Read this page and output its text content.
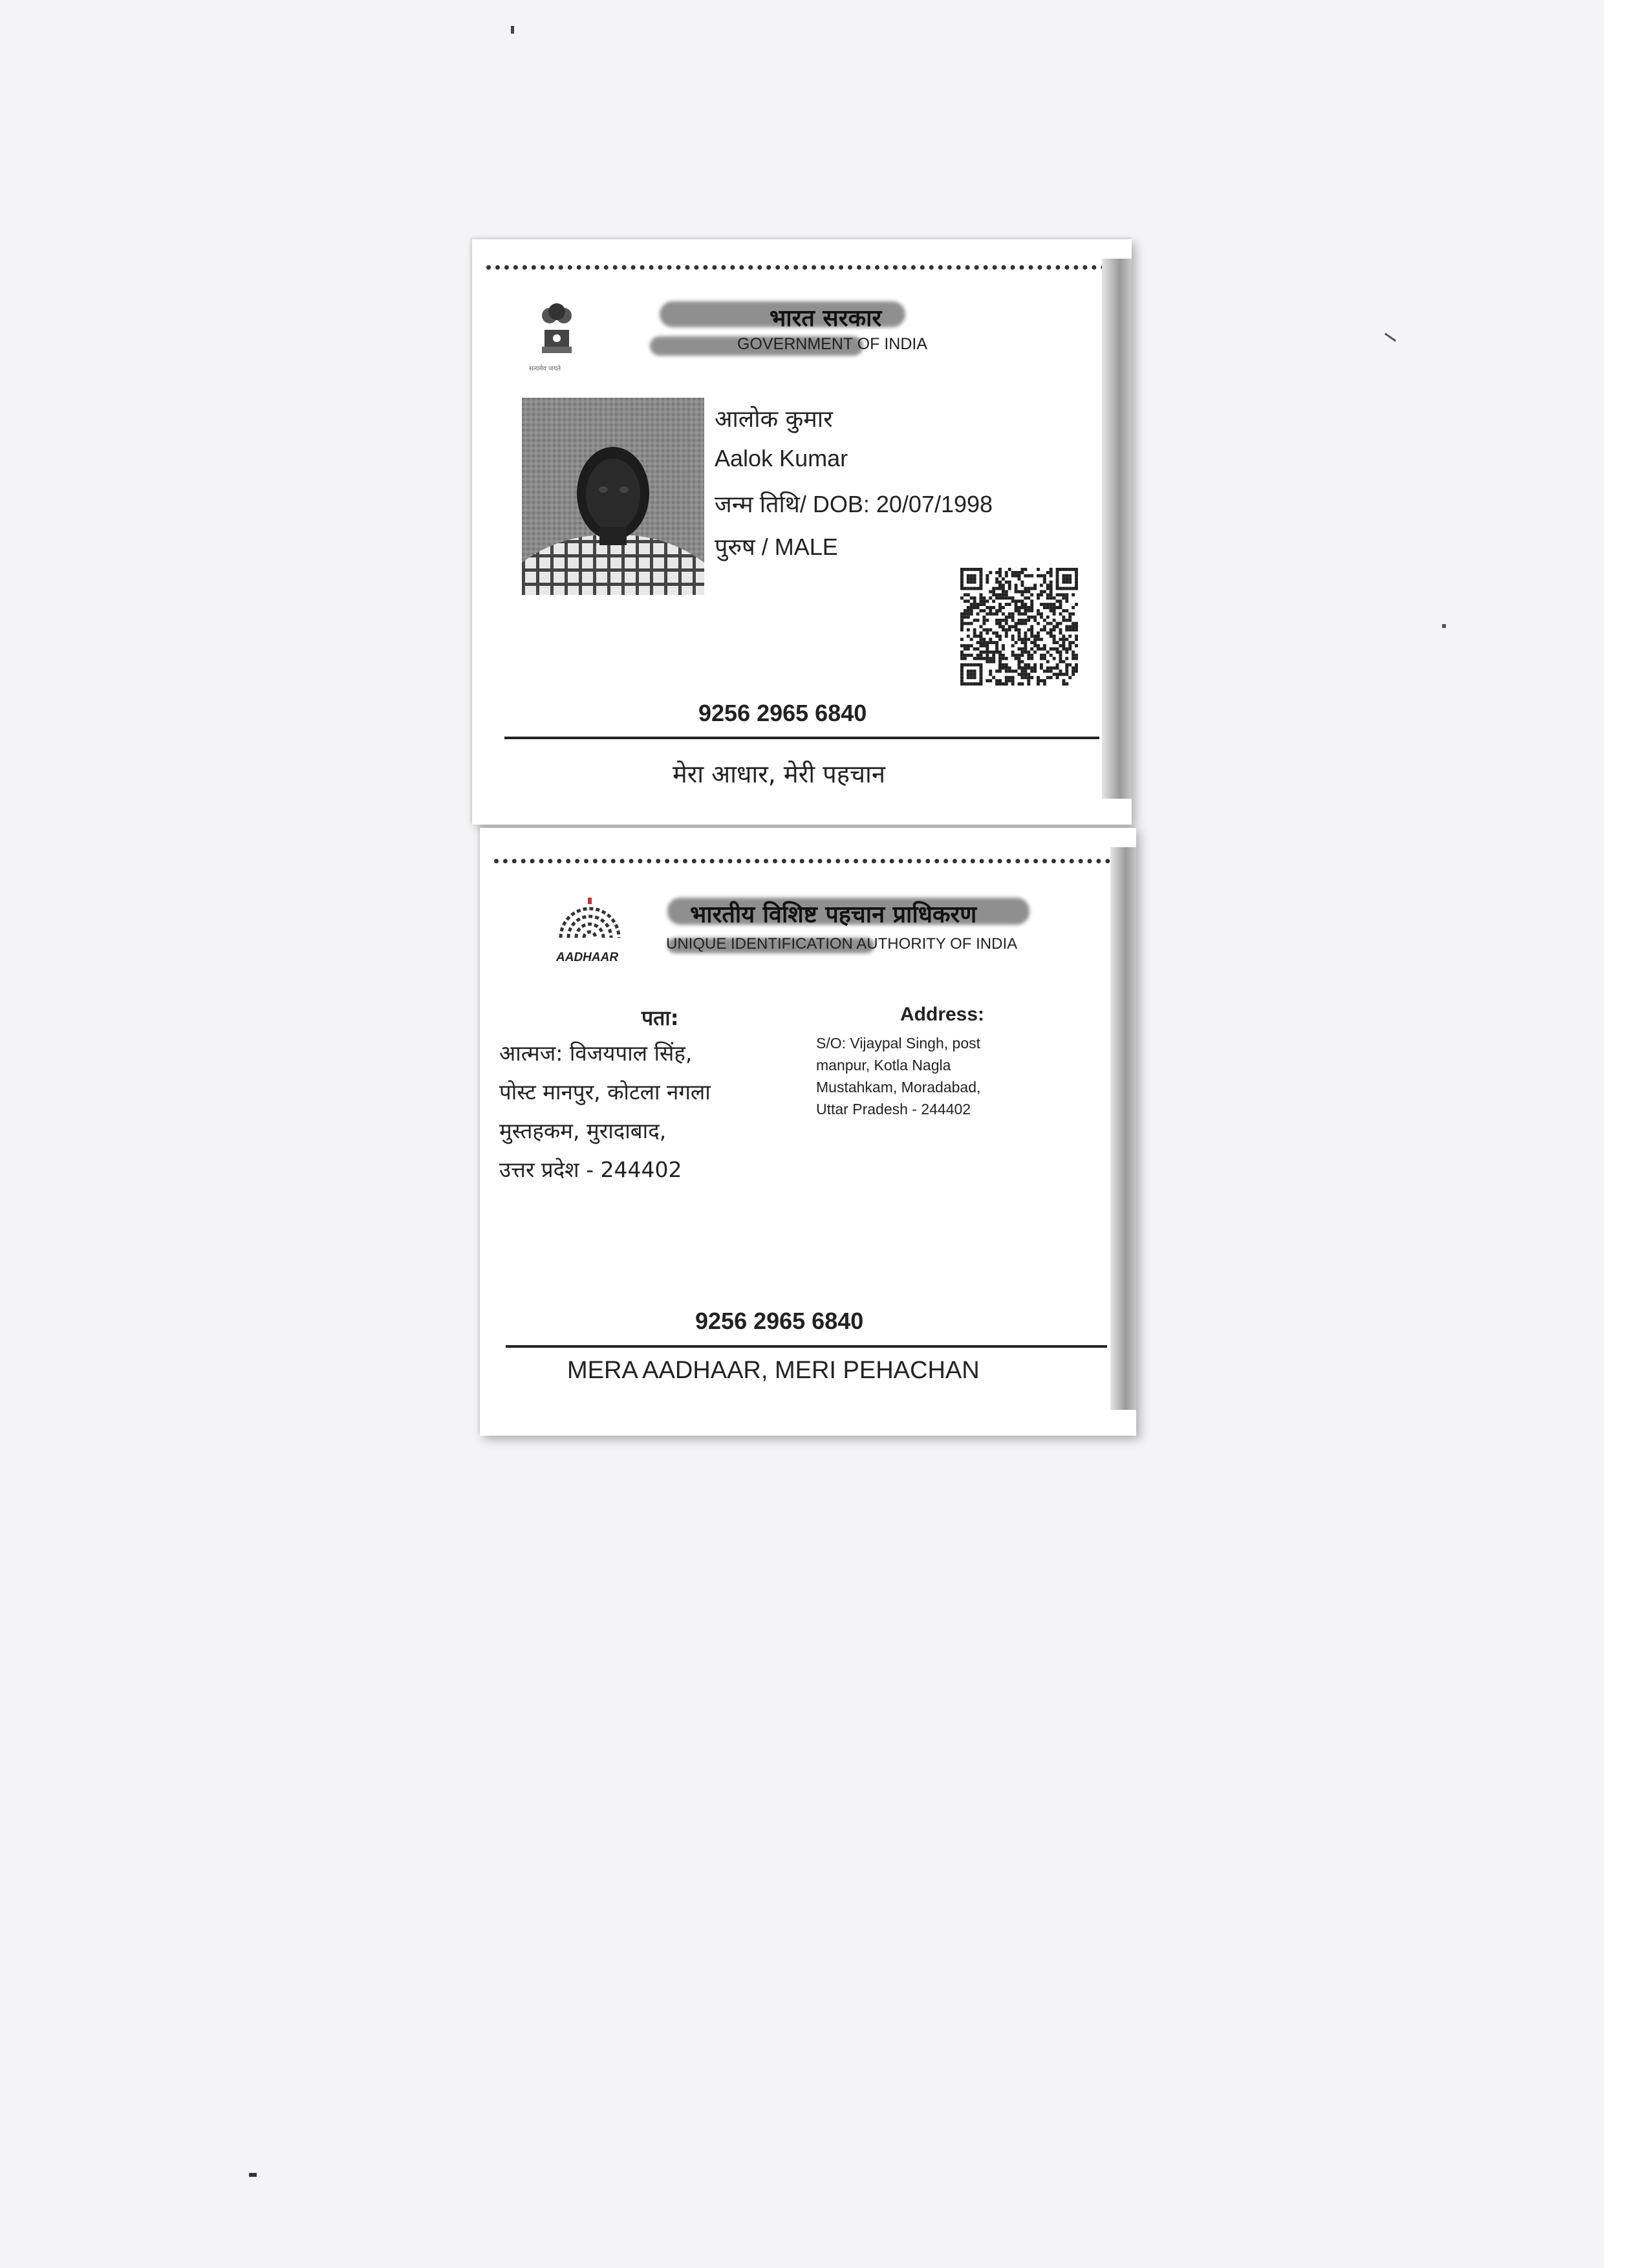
सत्यमेव जयते
भारत सरकार
GOVERNMENT OF INDIA
आलोक कुमार
Aalok Kumar
जन्म तिथि/ DOB: 20/07/1998
पुरुष / MALE
9256 2965 6840
मेरा आधार, मेरी पहचान
AADHAAR
भारतीय विशिष्ट पहचान प्राधिकरण
UNIQUE IDENTIFICATION AUTHORITY OF INDIA
पता:	Address:
आत्मज: विजयपाल सिंह,
पोस्ट मानपुर, कोटला नगला
मुस्तहकम, मुरादाबाद,
उत्तर प्रदेश - 244402
S/O: Vijaypal Singh, post
manpur, Kotla Nagla
Mustahkam, Moradabad,
Uttar Pradesh - 244402
9256 2965 6840
MERA AADHAAR, MERI PEHACHAN
